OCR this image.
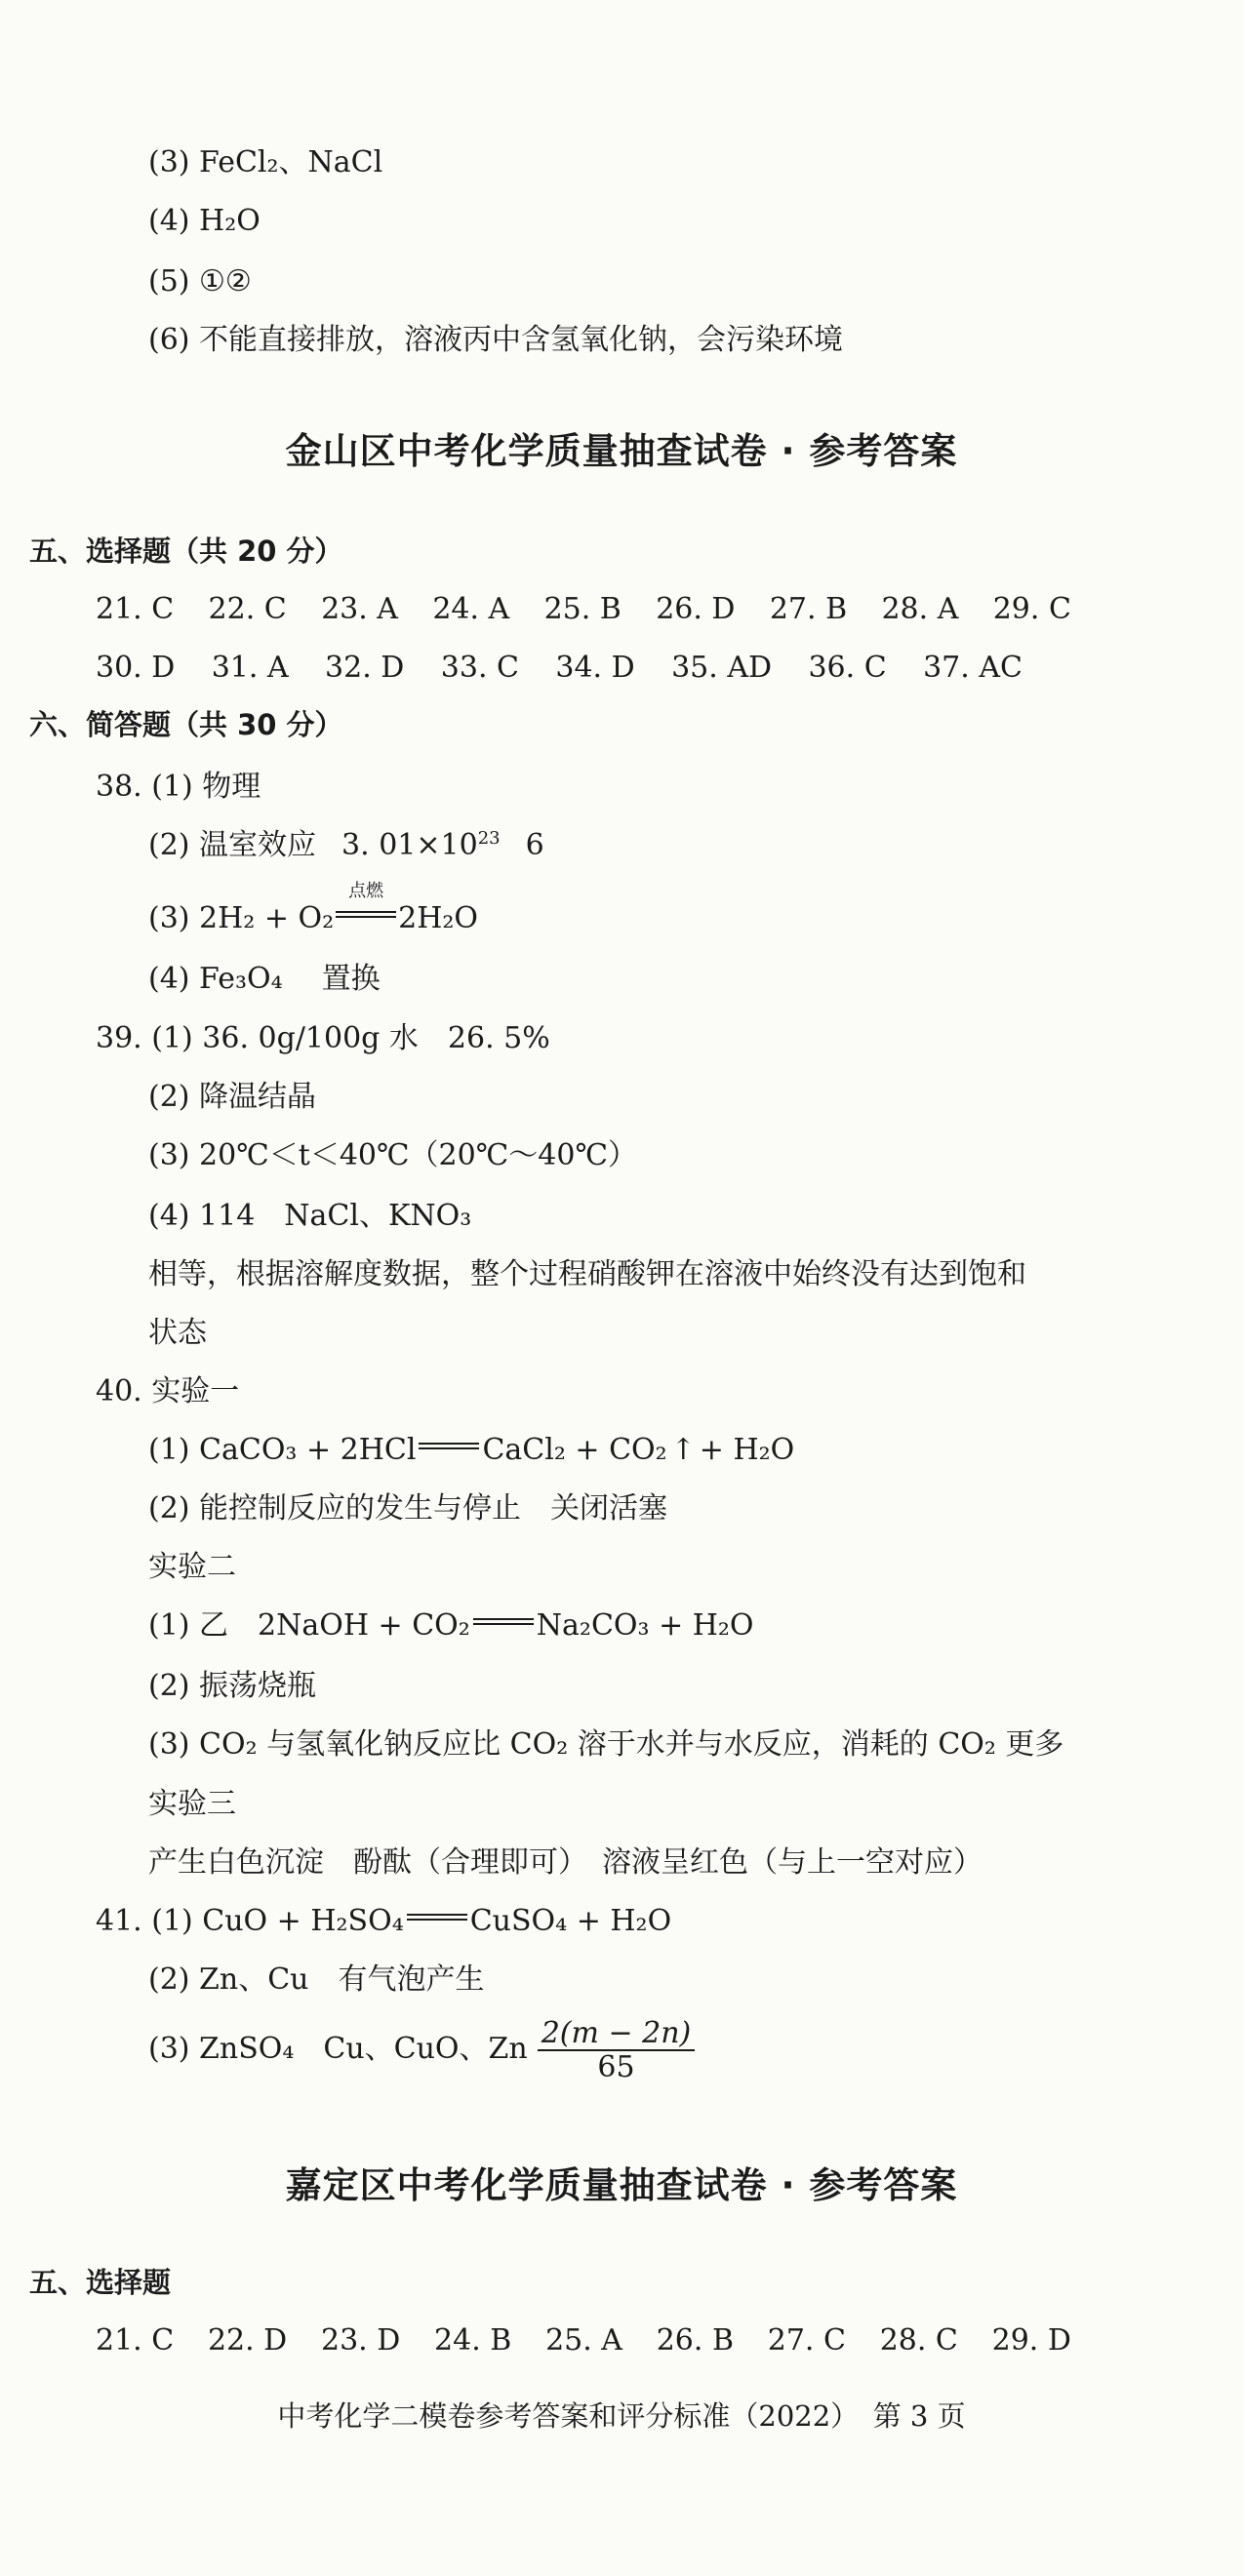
(3) FeCl₂、NaCl
(4) H₂O
(5) ①②
(6) 不能直接排放，溶液丙中含氢氧化钠，会污染环境
金山区中考化学质量抽查试卷 · 参考答案
五、选择题（共 20 分）
21. C 22. C 23. A 24. A 25. B 26. D 27. B 28. A 29. C
30. D 31. A 32. D 33. C 34. D 35. AD 36. C 37. AC
六、简答题（共 30 分）
38. (1) 物理
(2) 温室效应 3. $01\times 10^{23}$ 6
(3) 2H₂ + O₂
点燃
2H₂O
(4) Fe₃O₄ 置换
39. (1) 36. 0g/100g 水　26. 5%
(2) 降温结晶
(3) 20℃＜t＜40℃（20℃～40℃）
(4) 114　NaCl、KNO₃
相等，根据溶解度数据，整个过程硝酸钾在溶液中始终没有达到饱和
状态
40. 实验一
(1) CaCO₃ + 2HCl CaCl₂ + CO₂ ↑ + H₂O
(2) 能控制反应的发生与停止　关闭活塞
实验二
(1) 乙　2NaOH + CO₂ Na₂CO₃ + H₂O
(2) 振荡烧瓶
(3) CO₂ 与氢氧化钠反应比 CO₂ 溶于水并与水反应，消耗的 CO₂ 更多
实验三
产生白色沉淀　酚酞（合理即可）　溶液呈红色（与上一空对应）
41. (1) CuO + H₂SO₄ CuSO₄ + H₂O
(2) Zn、Cu　有气泡产生
(3) ZnSO₄　Cu、CuO、Zn $\frac{2(m - 2n)}{65}$
嘉定区中考化学质量抽查试卷 · 参考答案
五、选择题
21. C 22. D 23. D 24. B 25. A 26. B 27. C 28. C 29. D
中考化学二模卷参考答案和评分标准（2022）　第 3 页
